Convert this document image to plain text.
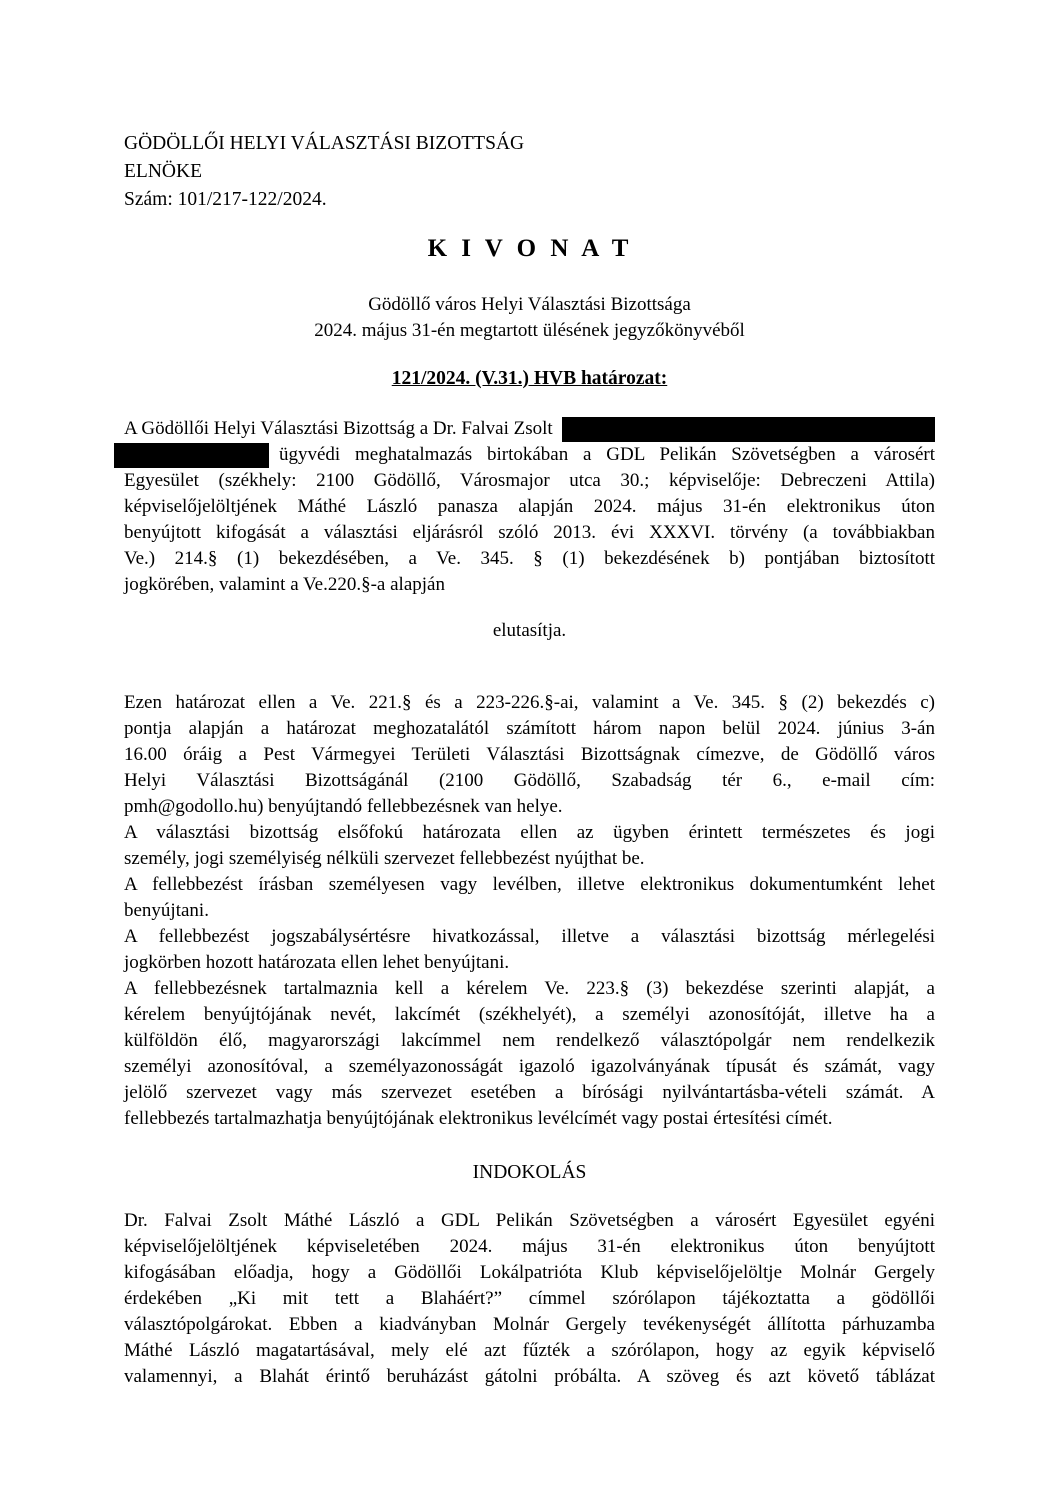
GÖDÖLLŐI HELYI VÁLASZTÁSI BIZOTTSÁG
ELNÖKE
Szám: 101/217-122/2024.
K I V O N A T
Gödöllő város Helyi Választási Bizottsága
2024. május 31-én megtartott ülésének jegyzőkönyvéből
121/2024. (V.31.) HVB határozat:
A Gödöllői Helyi Választási Bizottság a Dr. Falvai Zsolt
ügyvédi meghatalmazás birtokában a GDL Pelikán Szövetségben a városért
Egyesület (székhely: 2100 Gödöllő, Városmajor utca 30.; képviselője: Debreczeni Attila)
képviselőjelöltjének Máthé László panasza alapján 2024. május 31-én elektronikus úton
benyújtott kifogását a választási eljárásról szóló 2013. évi XXXVI. törvény (a továbbiakban
Ve.) 214.§ (1) bekezdésében, a Ve. 345. § (1) bekezdésének b) pontjában biztosított
jogkörében, valamint a Ve.220.§-a alapján
elutasítja.
Ezen határozat ellen a Ve. 221.§ és a 223-226.§-ai, valamint a Ve. 345. § (2) bekezdés c)
pontja alapján a határozat meghozatalától számított három napon belül 2024. június 3-án
16.00 óráig a Pest Vármegyei Területi Választási Bizottságnak címezve, de Gödöllő város
Helyi Választási Bizottságánál (2100 Gödöllő, Szabadság tér 6., e-mail cím:
pmh@godollo.hu) benyújtandó fellebbezésnek van helye.
A választási bizottság elsőfokú határozata ellen az ügyben érintett természetes és jogi
személy, jogi személyiség nélküli szervezet fellebbezést nyújthat be.
A fellebbezést írásban személyesen vagy levélben, illetve elektronikus dokumentumként lehet
benyújtani.
A fellebbezést jogszabálysértésre hivatkozással, illetve a választási bizottság mérlegelési
jogkörben hozott határozata ellen lehet benyújtani.
A fellebbezésnek tartalmaznia kell a kérelem Ve. 223.§ (3) bekezdése szerinti alapját, a
kérelem benyújtójának nevét, lakcímét (székhelyét), a személyi azonosítóját, illetve ha a
külföldön élő, magyarországi lakcímmel nem rendelkező választópolgár nem rendelkezik
személyi azonosítóval, a személyazonosságát igazoló igazolványának típusát és számát, vagy
jelölő szervezet vagy más szervezet esetében a bírósági nyilvántartásba-vételi számát. A
fellebbezés tartalmazhatja benyújtójának elektronikus levélcímét vagy postai értesítési címét.
INDOKOLÁS
Dr. Falvai Zsolt Máthé László a GDL Pelikán Szövetségben a városért Egyesület egyéni
képviselőjelöltjének képviseletében 2024. május 31-én elektronikus úton benyújtott
kifogásában előadja, hogy a Gödöllői Lokálpatrióta Klub képviselőjelöltje Molnár Gergely
érdekében „Ki mit tett a Blaháért?” címmel szórólapon tájékoztatta a gödöllői
választópolgárokat. Ebben a kiadványban Molnár Gergely tevékenységét állította párhuzamba
Máthé László magatartásával, mely elé azt fűzték a szórólapon, hogy az egyik képviselő
valamennyi, a Blahát érintő beruházást gátolni próbálta. A szöveg és azt követő táblázat
